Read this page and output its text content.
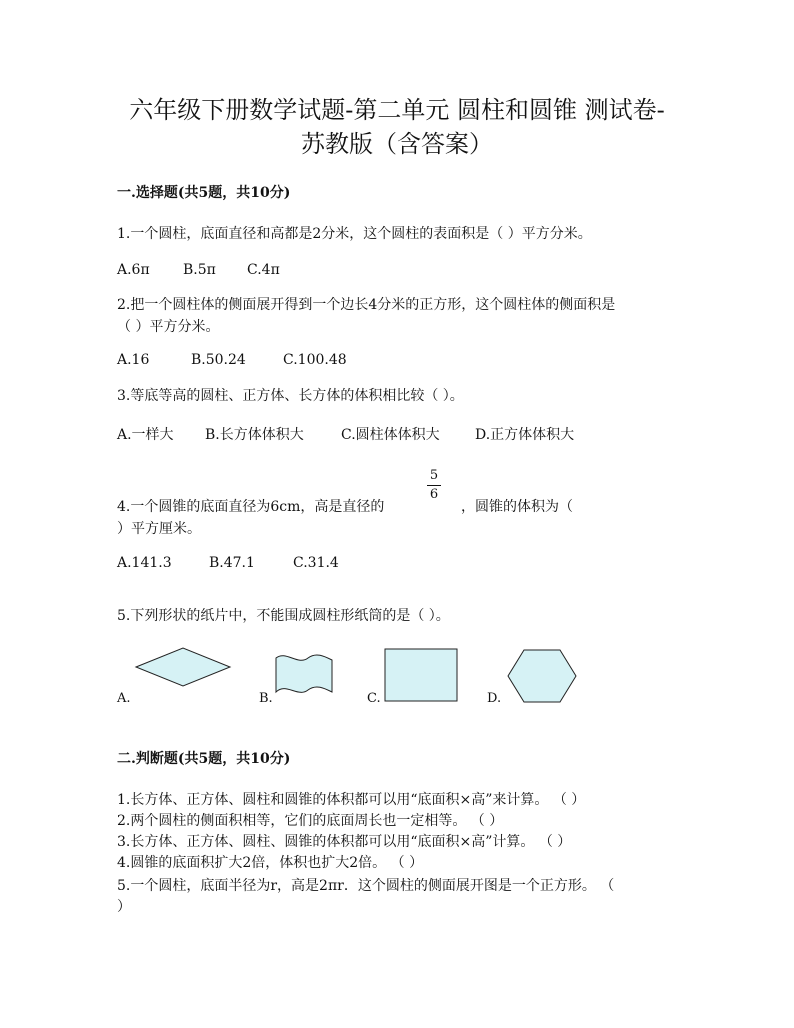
六年级下册数学试题-第二单元 圆柱和圆锥 测试卷-
苏教版（含答案）
一.选择题(共5题，共10分)
1.一个圆柱，底面直径和高都是2分米，这个圆柱的表面积是（ ）平方分米。
A.6π B.5π C.4π
2.把一个圆柱体的侧面展开得到一个边长4分米的正方形，这个圆柱体的侧面积是
（ ）平方分米。
A.16	B.50.24	C.100.48
3.等底等高的圆柱、正方体、长方体的体积相比较（ ）。
A.一样大 B.长方体体积大	C.圆柱体体积大	D.正方体体积大
4.一个圆锥的底面直径为6cm，高是直径的	，圆锥的体积为（
5
6
）平方厘米。
A.141.3	B.47.1	C.31.4
5.下列形状的纸片中，不能围成圆柱形纸筒的是（ ）。
A.	B.	C.	D.
二.判断题(共5题，共10分)
1.长方体、正方体、圆柱和圆锥的体积都可以用“底面积×高”来计算。 （ ）
2.两个圆柱的侧面积相等，它们的底面周长也一定相等。 （ ）
3.长方体、正方体、圆柱、圆锥的体积都可以用“底面积×高”计算。 （ ）
4.圆锥的底面积扩大2倍，体积也扩大2倍。 （ ）
5.一个圆柱，底面半径为r，高是2πr．这个圆柱的侧面展开图是一个正方形。 （
）
